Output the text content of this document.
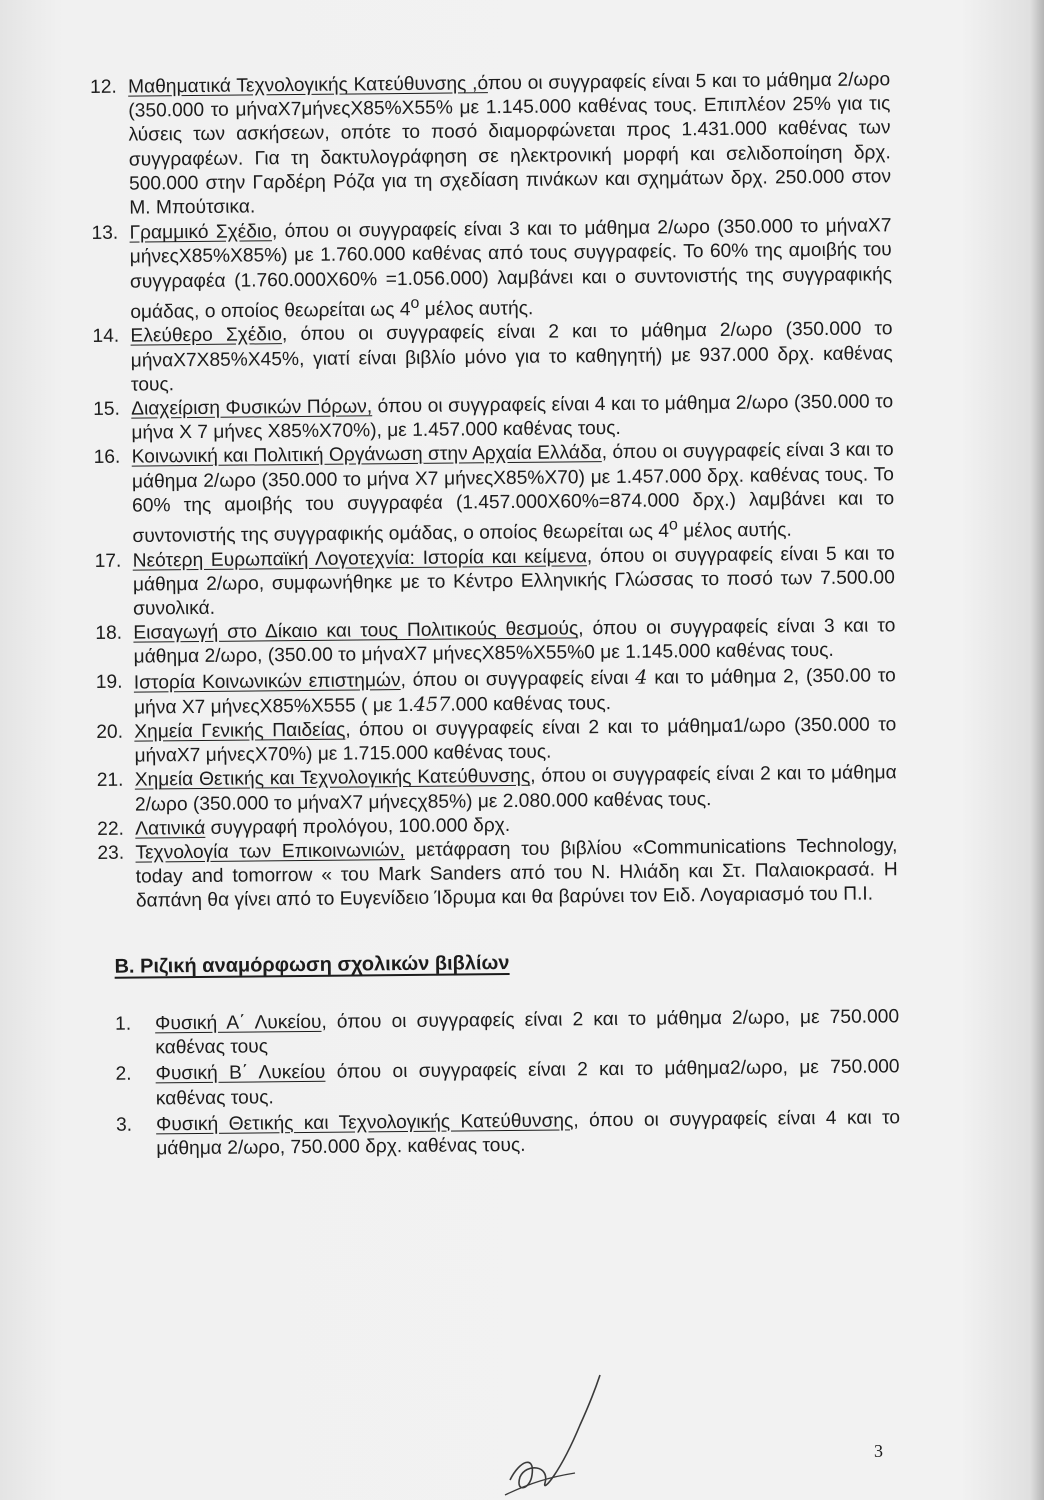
12. Μαθηματικά Τεχνολογικής Κατεύθυνσης ,όπου οι συγγραφείς είναι 5 και το μάθημα 2/ωρο (350.000 το μήναΧ7μήνεςΧ85%Χ55% με 1.145.000 καθένας τους. Επιπλέον 25% για τις λύσεις των ασκήσεων, οπότε το ποσό διαμορφώνεται προς 1.431.000 καθένας των συγγραφέων. Για τη δακτυλογράφηση σε ηλεκτρονική μορφή και σελιδοποίηση δρχ. 500.000 στην Γαρδέρη Ρόζα για τη σχεδίαση πινάκων και σχημάτων δρχ. 250.000 στον Μ. Μπούτσικα.
13. Γραμμικό Σχέδιο, όπου οι συγγραφείς είναι 3 και το μάθημα 2/ωρο (350.000 το μήναΧ7 μήνεςΧ85%Χ85%) με 1.760.000 καθένας από τους συγγραφείς. Το 60% της αμοιβής του συγγραφέα (1.760.000Χ60% =1.056.000) λαμβάνει και ο συντονιστής της συγγραφικής ομάδας, ο οποίος θεωρείται ως $4^o$ μέλος αυτής.
14. Ελεύθερο Σχέδιο, όπου οι συγγραφείς είναι 2 και το μάθημα 2/ωρο (350.000 το μήναΧ7Χ85%Χ45%, γιατί είναι βιβλίο μόνο για το καθηγητή) με 937.000 δρχ. καθένας τους.
15. Διαχείριση Φυσικών Πόρων, όπου οι συγγραφείς είναι 4 και το μάθημα 2/ωρο (350.000 το μήνα Χ 7 μήνες Χ85%Χ70%), με 1.457.000 καθένας τους.
16. Κοινωνική και Πολιτική Οργάνωση στην Αρχαία Ελλάδα, όπου οι συγγραφείς είναι 3 και το μάθημα 2/ωρο (350.000 το μήνα Χ7 μήνεςΧ85%Χ70) με 1.457.000 δρχ. καθένας τους. Το 60% της αμοιβής του συγγραφέα (1.457.000Χ60%=874.000 δρχ.) λαμβάνει και το συντονιστής της συγγραφικής ομάδας, ο οποίος θεωρείται ως $4^o$ μέλος αυτής.
17. Νεότερη Ευρωπαϊκή Λογοτεχνία: Ιστορία και κείμενα, όπου οι συγγραφείς είναι 5 και το μάθημα 2/ωρο, συμφωνήθηκε με το Κέντρο Ελληνικής Γλώσσας το ποσό των 7.500.00 συνολικά.
18. Εισαγωγή στο Δίκαιο και τους Πολιτικούς θεσμούς, όπου οι συγγραφείς είναι 3 και το μάθημα 2/ωρο, (350.00 το μήναΧ7 μήνεςΧ85%Χ55%0 με 1.145.000 καθένας τους.
19. Ιστορία Κοινωνικών επιστημών, όπου οι συγγραφείς είναι 4 και το μάθημα 2, (350.00 το μήνα Χ7 μήνεςΧ85%Χ555 ( με 1.457.000 καθένας τους.
20. Χημεία Γενικής Παιδείας, όπου οι συγγραφείς είναι 2 και το μάθημα1/ωρο (350.000 το μήναΧ7 μήνεςΧ70%) με 1.715.000 καθένας τους.
21. Χημεία Θετικής και Τεχνολογικής Κατεύθυνσης, όπου οι συγγραφείς είναι 2 και το μάθημα 2/ωρο (350.000 το μήναΧ7 μήνεςχ85%) με 2.080.000 καθένας τους.
22. Λατινικά συγγραφή προλόγου, 100.000 δρχ.
23. Τεχνολογία των Επικοινωνιών, μετάφραση του βιβλίου «Communications Technology, today and tomorrow « του Mark Sanders από του Ν. Ηλιάδη και Στ. Παλαιοκρασά. Η δαπάνη θα γίνει από το Ευγενίδειο Ίδρυμα και θα βαρύνει τον Ειδ. Λογαριασμό του Π.Ι.
Β. Ριζική αναμόρφωση σχολικών βιβλίων
1. Φυσική Α΄ Λυκείου, όπου οι συγγραφείς είναι 2 και το μάθημα 2/ωρο, με 750.000 καθένας τους
2. Φυσική Β΄ Λυκείου όπου οι συγγραφείς είναι 2 και το μάθημα2/ωρο, με 750.000 καθένας τους.
3. Φυσική Θετικής και Τεχνολογικής Κατεύθυνσης, όπου οι συγγραφείς είναι 4 και το μάθημα 2/ωρο, 750.000 δρχ. καθένας τους.
3
